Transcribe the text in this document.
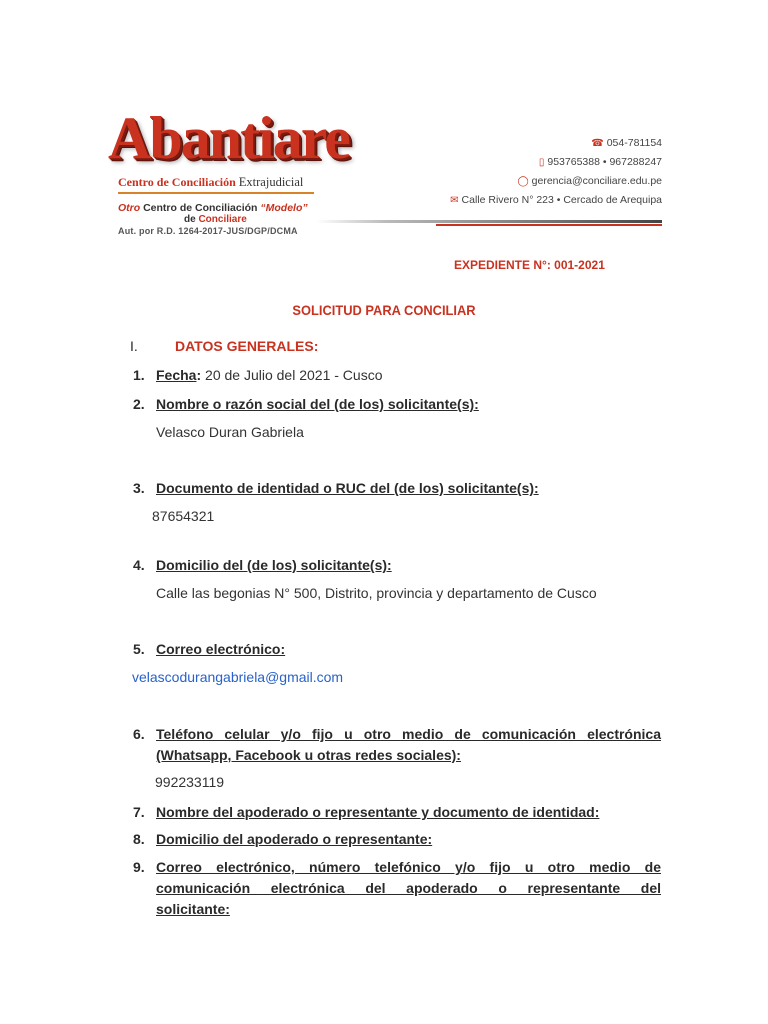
Abantiare
Centro de Conciliación Extrajudicial
Otro Centro de Conciliación “Modelo”
de Conciliare
Aut. por R.D. 1264-2017-JUS/DGP/DCMA
☎ 054-781154
▯ 953765388 • 967288247
◯ gerencia@conciliare.edu.pe
✉ Calle Rivero N° 223 • Cercado de Arequipa
EXPEDIENTE N°: 001-2021
SOLICITUD PARA CONCILIAR
I.	DATOS GENERALES:
1. Fecha: 20 de Julio del 2021 - Cusco
2. Nombre o razón social del (de los) solicitante(s):
Velasco Duran Gabriela
3. Documento de identidad o RUC del (de los) solicitante(s):
87654321
4. Domicilio del (de los) solicitante(s):
Calle las begonias N° 500, Distrito, provincia y departamento de Cusco
5. Correo electrónico:
velascodurangabriela@gmail.com
6. Teléfono celular y/o fijo u otro medio de comunicación electrónica
(Whatsapp, Facebook u otras redes sociales):
992233119
7. Nombre del apoderado o representante y documento de identidad:
8. Domicilio del apoderado o representante:
9. Correo electrónico, número telefónico y/o fijo u otro medio de
comunicación electrónica del apoderado o representante del
solicitante:
